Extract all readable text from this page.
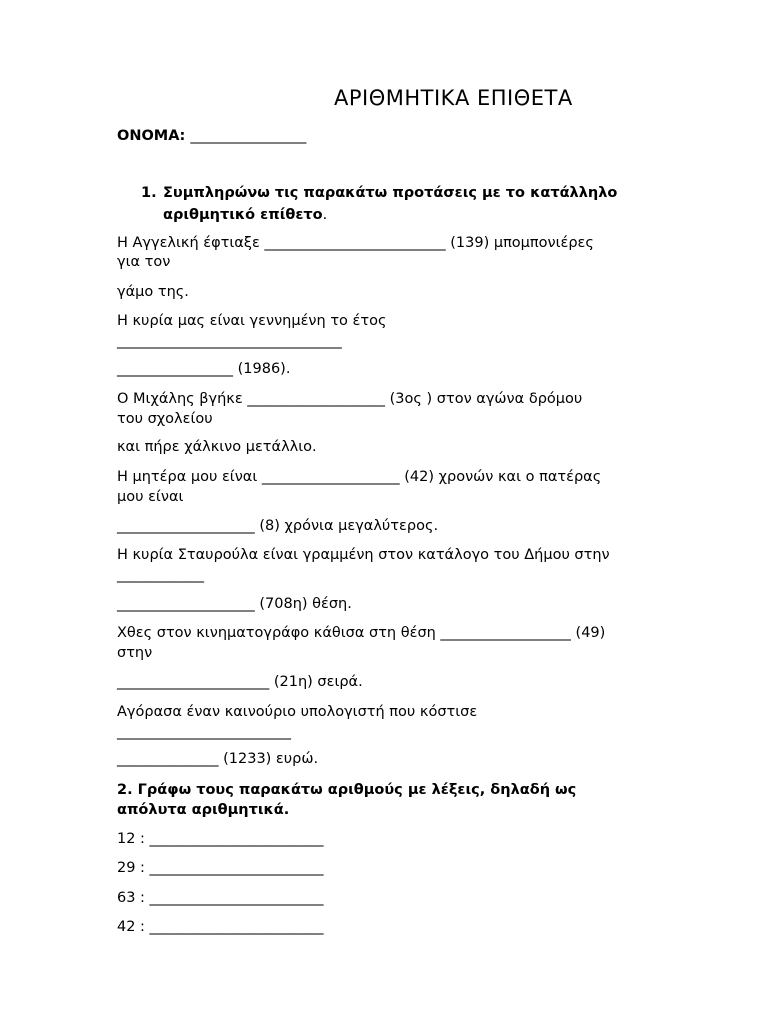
ΑΡΙΘΜΗΤΙΚΑ ΕΠΙΘΕΤΑ

ΟΝΟΜΑ: ________________

1. Συμπληρώνω τις παρακάτω προτάσεις με το κατάλληλο

αριθμητικό επίθετο.

Η Αγγελική έφτιαξε _________________________ (139) μπομπονιέρες

για τον

γάμο της.

Η κυρία μας είναι γεννημένη το έτος

_______________________________

________________ (1986).

Ο Μιχάλης βγήκε ___________________ (3ος ) στον αγώνα δρόμου

του σχολείου

και πήρε χάλκινο μετάλλιο.

Η μητέρα μου είναι ___________________ (42) χρονών και ο πατέρας

μου είναι

___________________ (8) χρόνια μεγαλύτερος.

Η κυρία Σταυρούλα είναι γραμμένη στον κατάλογο του Δήμου στην

____________

___________________ (708η) θέση.

Χθες στον κινηματογράφο κάθισα στη θέση __________________ (49)

στην

_____________________ (21η) σειρά.

Αγόρασα έναν καινούριο υπολογιστή που κόστισε

________________________

______________ (1233) ευρώ.

2. Γράφω τους παρακάτω αριθμούς με λέξεις, δηλαδή ως

απόλυτα αριθμητικά.

12 : ________________________

29 : ________________________

63 : ________________________

42 : ________________________
